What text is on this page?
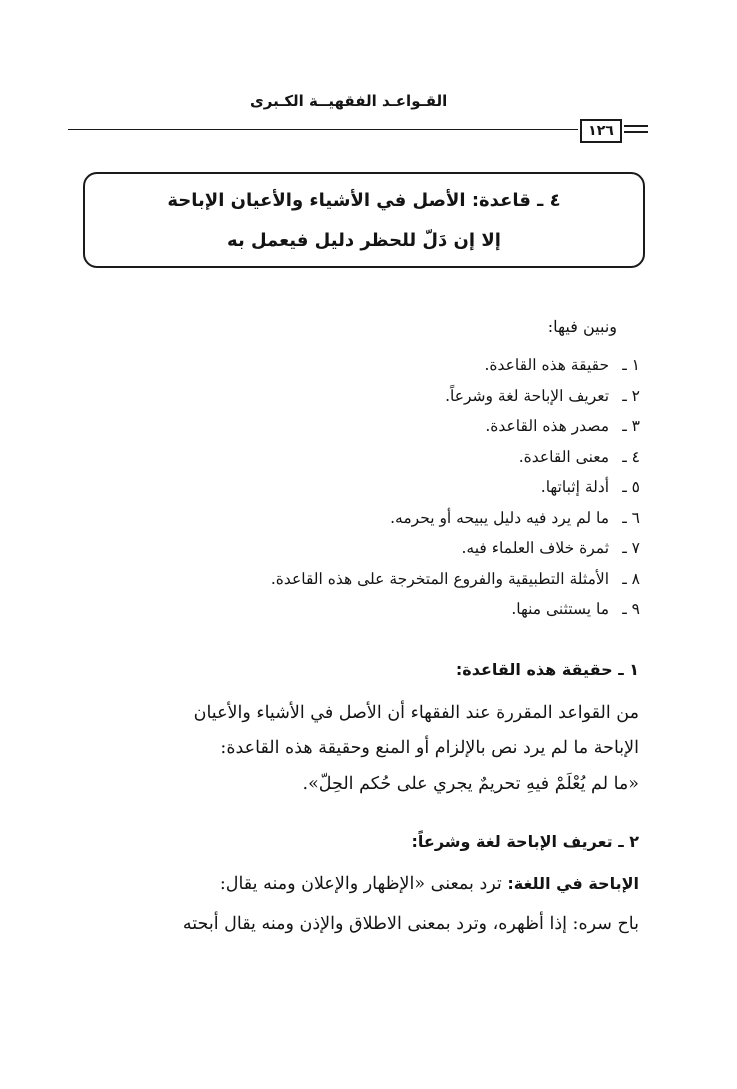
القـواعـد الفقهيــة الكـبرى
١٢٦
٤ ـ قاعدة: الأصل في الأشياء والأعيان الإباحة
إلا إن دَلّ للحظر دليل فيعمل به
ونبين فيها:
١ ـ حقيقة هذه القاعدة.
٢ ـ تعريف الإباحة لغة وشرعاً.
٣ ـ مصدر هذه القاعدة.
٤ ـ معنى القاعدة.
٥ ـ أدلة إثباتها.
٦ ـ ما لم يرد فيه دليل يبيحه أو يحرمه.
٧ ـ ثمرة خلاف العلماء فيه.
٨ ـ الأمثلة التطبيقية والفروع المتخرجة على هذه القاعدة.
٩ ـ ما يستثنى منها.
١ ـ حقيقة هذه القاعدة:
من القواعد المقررة عند الفقهاء أن الأصل في الأشياء والأعيان
الإباحة ما لم يرد نص بالإلزام أو المنع وحقيقة هذه القاعدة:
«ما لم يُعْلَمْ فيهِ تحريمٌ يجري على حُكم الحِلّ».
٢ ـ تعريف الإباحة لغة وشرعاً:
الإباحة في اللغة: ترد بمعنى «الإظهار والإعلان ومنه يقال:
باح سره: إذا أظهره، وترد بمعنى الاطلاق والإذن ومنه يقال أبحته
